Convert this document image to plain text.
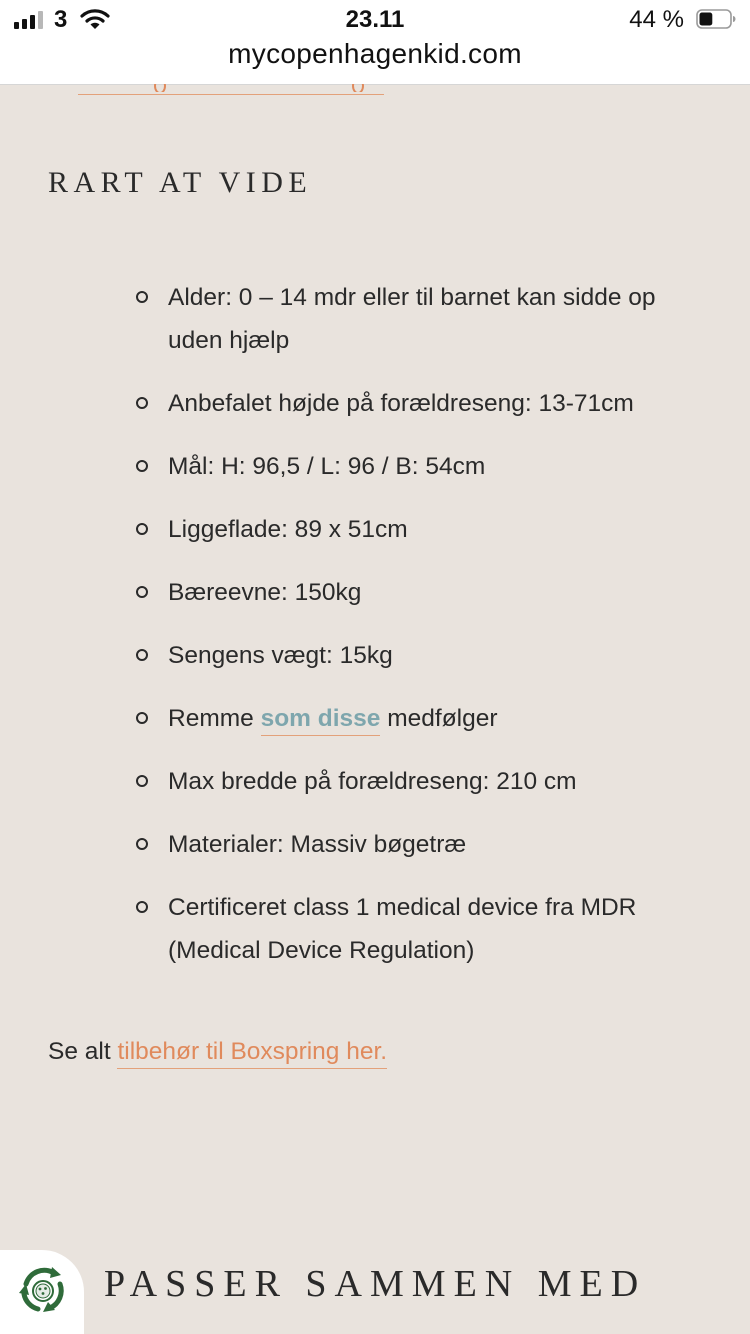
3	23.11	44 %
mycopenhagenkid.com
RART AT VIDE
Alder: 0 – 14 mdr eller til barnet kan sidde op uden hjælp
Anbefalet højde på forældreseng: 13-71cm
Mål: H: 96,5 / L: 96 / B: 54cm
Liggeflade: 89 x 51cm
Bæreevne: 150kg
Sengens vægt: 15kg
Remme som disse medfølger
Max bredde på forældreseng: 210 cm
Materialer: Massiv bøgetræ
Certificeret class 1 medical device fra MDR (Medical Device Regulation)
Se alt tilbehør til Boxspring her.
PASSER SAMMEN MED
